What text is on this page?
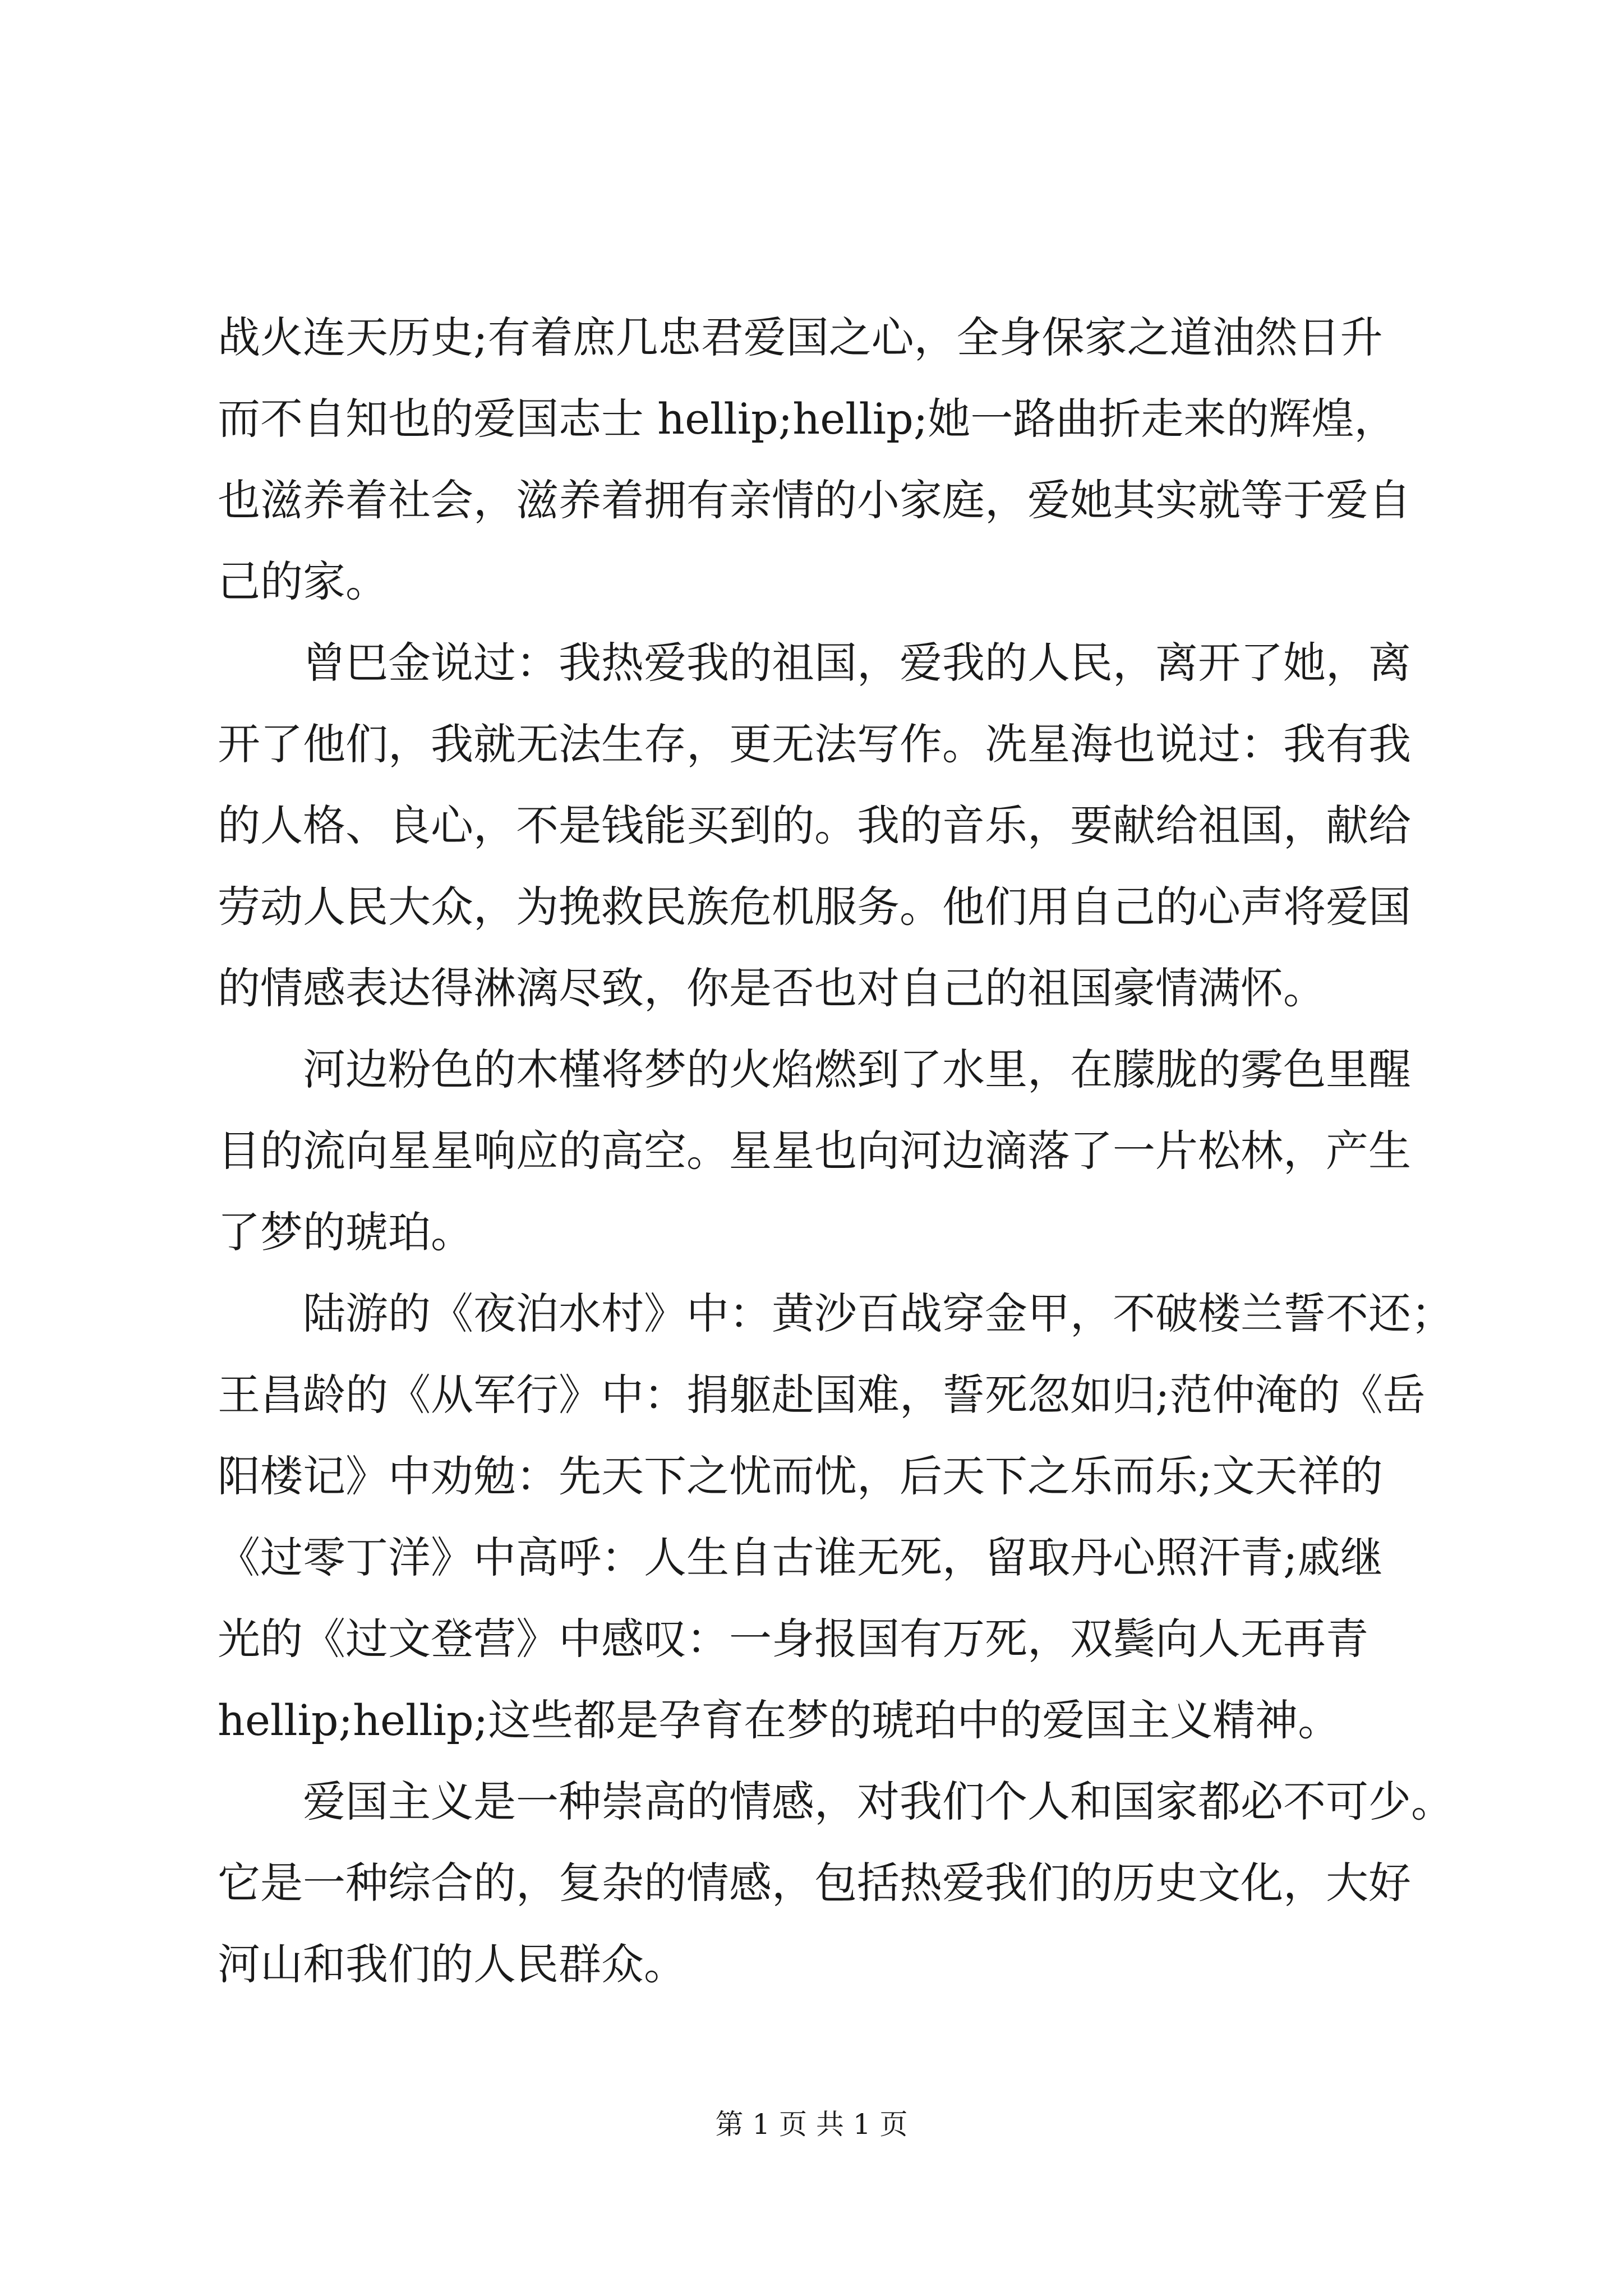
战火连天历史;有着庶几忠君爱国之心，全身保家之道油然日升
而不自知也的爱国志士 hellip;hellip;她一路曲折走来的辉煌，
也滋养着社会，滋养着拥有亲情的小家庭，爱她其实就等于爱自
己的家。
　　曾巴金说过：我热爱我的祖国，爱我的人民，离开了她，离
开了他们，我就无法生存，更无法写作。冼星海也说过：我有我
的人格、良心，不是钱能买到的。我的音乐，要献给祖国，献给
劳动人民大众，为挽救民族危机服务。他们用自己的心声将爱国
的情感表达得淋漓尽致，你是否也对自己的祖国豪情满怀。
　　河边粉色的木槿将梦的火焰燃到了水里，在朦胧的雾色里醒
目的流向星星响应的高空。星星也向河边滴落了一片松林，产生
了梦的琥珀。
　　陆游的《夜泊水村》中：黄沙百战穿金甲，不破楼兰誓不还；
王昌龄的《从军行》中：捐躯赴国难，誓死忽如归;范仲淹的《岳
阳楼记》中劝勉：先天下之忧而忧，后天下之乐而乐;文天祥的
《过零丁洋》中高呼：人生自古谁无死，留取丹心照汗青;戚继
光的《过文登营》中感叹：一身报国有万死，双鬓向人无再青
hellip;hellip;这些都是孕育在梦的琥珀中的爱国主义精神。
　　爱国主义是一种崇高的情感，对我们个人和国家都必不可少。
它是一种综合的，复杂的情感，包括热爱我们的历史文化，大好
河山和我们的人民群众。
第 1 页 共 1 页
